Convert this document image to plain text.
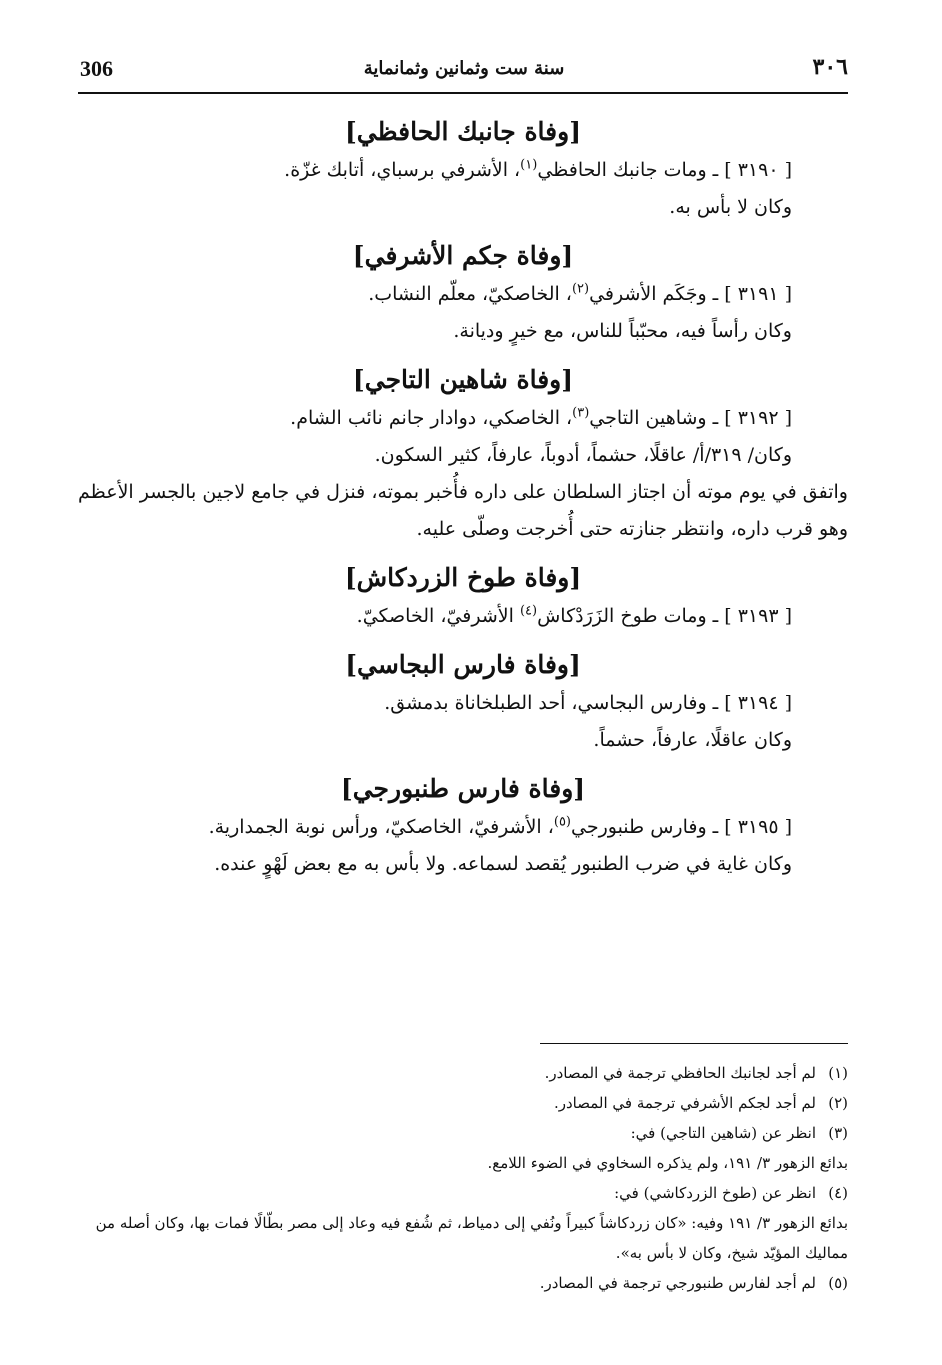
306	سنة ست وثمانين وثمانماية	٣٠٦

[وفاة جانبك الحافظي]

[ ٣١٩٠ ] ـ ومات جانبك الحافظي$^{(١)}$، الأشرفي برسباي، أتابك غزّة.

وكان لا بأس به.

[وفاة جكم الأشرفي]

[ ٣١٩١ ] ـ وجَكَم الأشرفي$^{(٢)}$، الخاصكيّ، معلّم النشاب.

وكان رأساً فيه، محبّباً للناس، مع خيرٍ وديانة.

[وفاة شاهين التاجي]

[ ٣١٩٢ ] ـ وشاهين التاجي$^{(٣)}$، الخاصكي، دوادار جانم نائب الشام.

وكان/ ٣١٩/أ/ عاقلًا، حشماً، أدوباً، عارفاً، كثير السكون.

واتفق في يوم موته أن اجتاز السلطان على داره فأُخبر بموته، فنزل في جامع لاجين بالجسر الأعظم وهو قرب داره، وانتظر جنازته حتى أُخرجت وصلّى عليه.

[وفاة طوخ الزردكاش]

[ ٣١٩٣ ] ـ ومات طوخ الزَرَدْكاش$^{(٤)}$ الأشرفيّ، الخاصكيّ.

[وفاة فارس البجاسي]

[ ٣١٩٤ ] ـ وفارس البجاسي، أحد الطبلخاناة بدمشق.

وكان عاقلًا، عارفاً، حشماً.

[وفاة فارس طنبورجي]

[ ٣١٩٥ ] ـ وفارس طنبورجي$^{(٥)}$، الأشرفيّ، الخاصكيّ، ورأس نوبة الجمدارية.

وكان غاية في ضرب الطنبور يُقصد لسماعه. ولا بأس به مع بعض لَهْوٍ عنده.

(١)لم أجد لجانبك الحافظي ترجمة في المصادر.

(٢)لم أجد لجكم الأشرفي ترجمة في المصادر.

(٣)انظر عن (شاهين التاجي) في:

بدائع الزهور ٣/ ١٩١، ولم يذكره السخاوي في الضوء اللامع.

(٤)انظر عن (طوخ الزردكاشي) في:

بدائع الزهور ٣/ ١٩١ وفيه: «كان زردكاشاً كبيراً ونُفي إلى دمياط، ثم شُفع فيه وعاد إلى مصر بطّالًا فمات بها، وكان أصله من مماليك المؤيّد شيخ، وكان لا بأس به».

(٥)لم أجد لفارس طنبورجي ترجمة في المصادر.
